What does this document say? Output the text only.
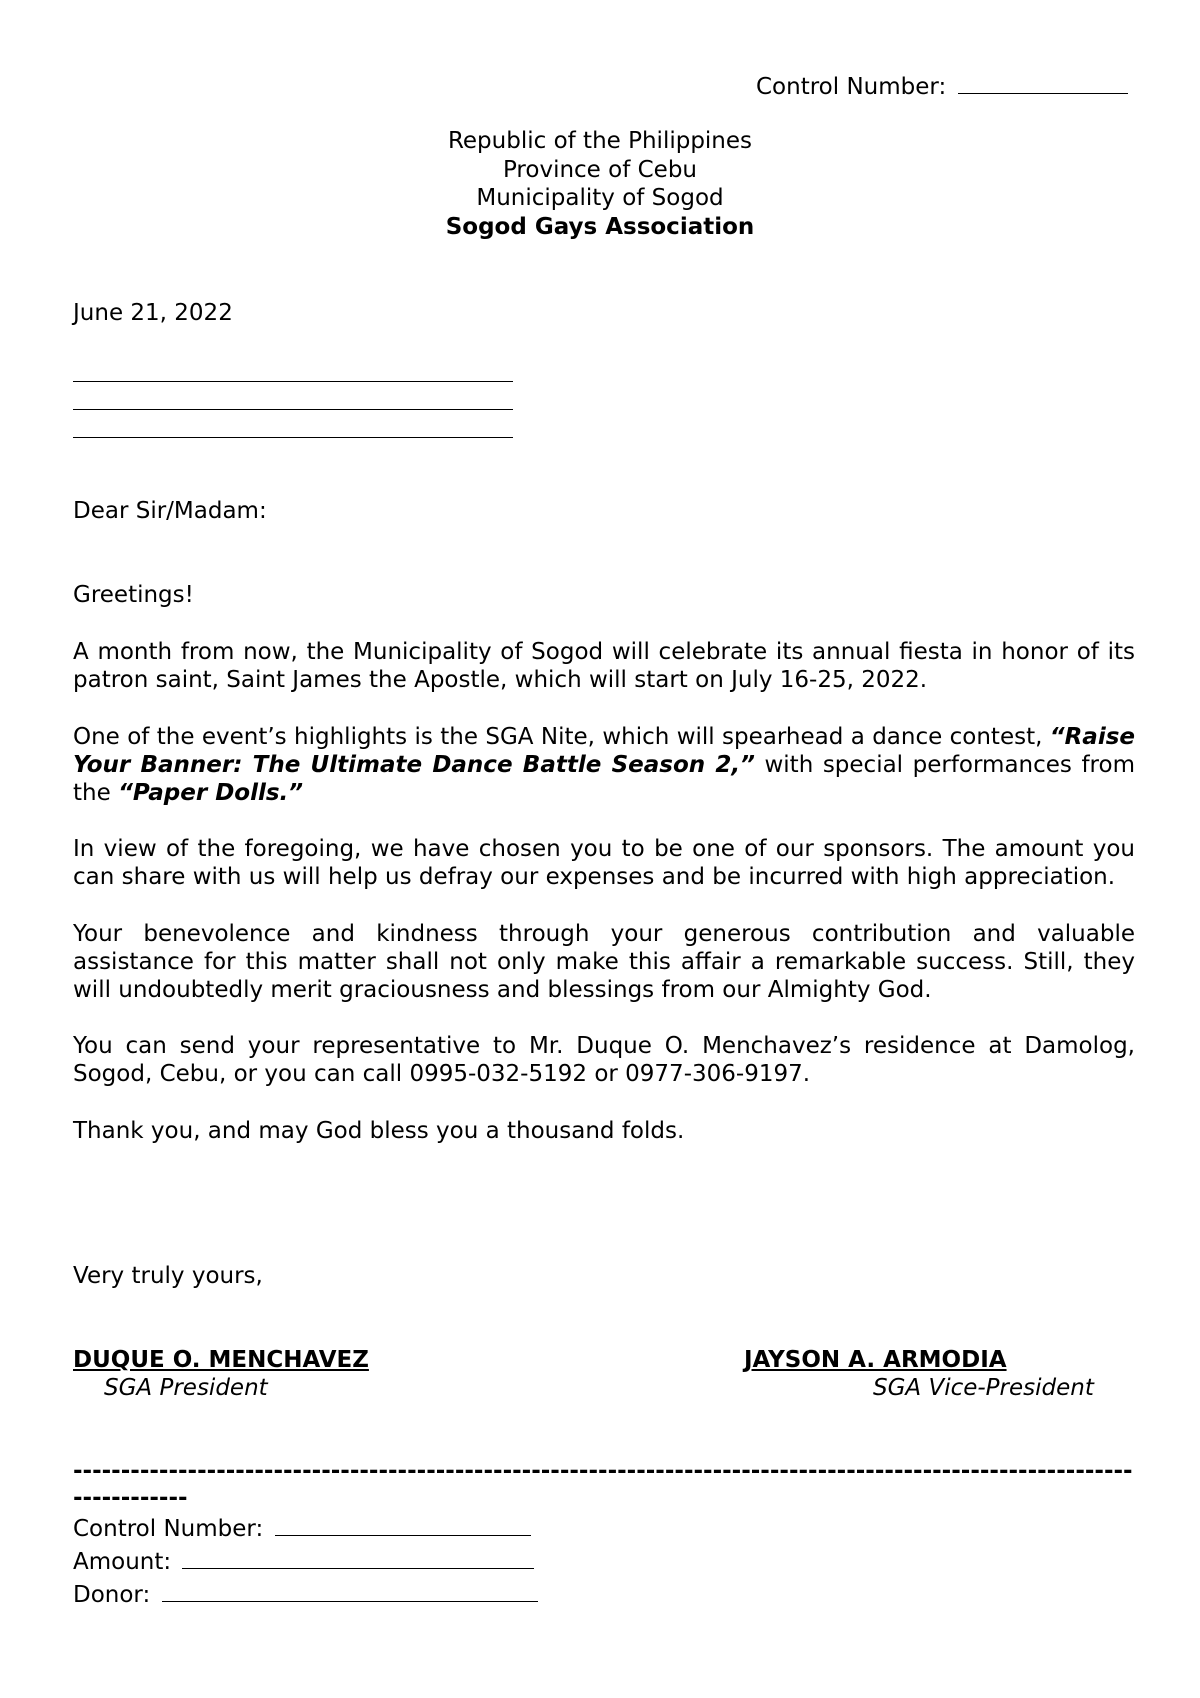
Control Number:
Republic of the Philippines
Province of Cebu
Municipality of Sogod
Sogod Gays Association
June 21, 2022
Dear Sir/Madam:
Greetings!

A month from now, the Municipality of Sogod will celebrate its annual fiesta in honor of its patron saint, Saint James the Apostle, which will start on July 16-25, 2022.

One of the event’s highlights is the SGA Nite, which will spearhead a dance contest, “Raise Your Banner: The Ultimate Dance Battle Season 2,” with special performances from the “Paper Dolls.”

In view of the foregoing, we have chosen you to be one of our sponsors. The amount you can share with us will help us defray our expenses and be incurred with high appreciation.

Your benevolence and kindness through your generous contribution and valuable assistance for this matter shall not only make this affair a remarkable success. Still, they will undoubtedly merit graciousness and blessings from our Almighty God.

You can send your representative to Mr. Duque O. Menchavez’s residence at Damolog, Sogod, Cebu, or you can call 0995-032-5192 or 0977-306-9197.

Thank you, and may God bless you a thousand folds.

Very truly yours,
DUQUE O. MENCHAVEZ
SGA President
JAYSON A. ARMODIA
SGA Vice-President
---------------------------------------------------------------------------------------------------------------------------
Control Number:
Amount:
Donor:
